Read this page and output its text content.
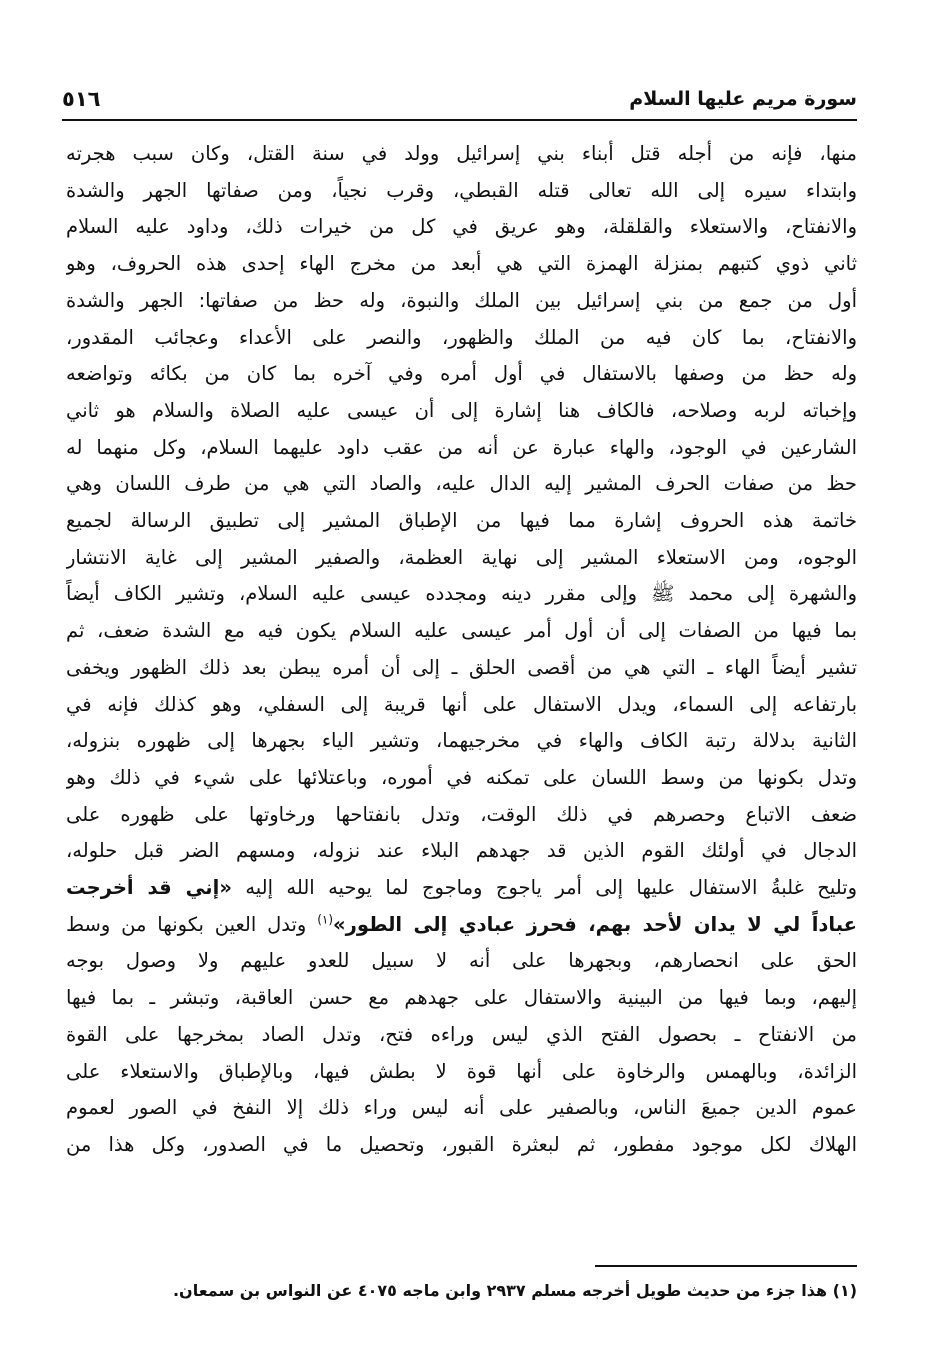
سورة مريم عليها السلام
٥١٦
منها، فإنه من أجله قتل أبناء بني إسرائيل وولد في سنة القتل، وكان سبب هجرته
وابتداء سيره إلى الله تعالى قتله القبطي، وقرب نجياً، ومن صفاتها الجهر والشدة
والانفتاح، والاستعلاء والقلقلة، وهو عريق في كل من خيرات ذلك، وداود عليه السلام
ثاني ذوي كتبهم بمنزلة الهمزة التي هي أبعد من مخرج الهاء إحدى هذه الحروف، وهو
أول من جمع من بني إسرائيل بين الملك والنبوة، وله حظ من صفاتها: الجهر والشدة
والانفتاح، بما كان فيه من الملك والظهور، والنصر على الأعداء وعجائب المقدور،
وله حظ من وصفها بالاستفال في أول أمره وفي آخره بما كان من بكائه وتواضعه
وإخباته لربه وصلاحه، فالكاف هنا إشارة إلى أن عيسى عليه الصلاة والسلام هو ثاني
الشارعين في الوجود، والهاء عبارة عن أنه من عقب داود عليهما السلام، وكل منهما له
حظ من صفات الحرف المشير إليه الدال عليه، والصاد التي هي من طرف اللسان وهي
خاتمة هذه الحروف إشارة مما فيها من الإطباق المشير إلى تطبيق الرسالة لجميع
الوجوه، ومن الاستعلاء المشير إلى نهاية العظمة، والصفير المشير إلى غاية الانتشار
والشهرة إلى محمد ﷺ وإلى مقرر دينه ومجدده عيسى عليه السلام، وتشير الكاف أيضاً
بما فيها من الصفات إلى أن أول أمر عيسى عليه السلام يكون فيه مع الشدة ضعف، ثم
تشير أيضاً الهاء ـ التي هي من أقصى الحلق ـ إلى أن أمره يبطن بعد ذلك الظهور ويخفى
بارتفاعه إلى السماء، ويدل الاستفال على أنها قريبة إلى السفلي، وهو كذلك فإنه في
الثانية بدلالة رتبة الكاف والهاء في مخرجيهما، وتشير الياء بجهرها إلى ظهوره بنزوله،
وتدل بكونها من وسط اللسان على تمكنه في أموره، وباعتلائها على شيء في ذلك وهو
ضعف الاتباع وحصرهم في ذلك الوقت، وتدل بانفتاحها ورخاوتها على ظهوره على
الدجال في أولئك القوم الذين قد جهدهم البلاء عند نزوله، ومسهم الضر قبل حلوله،
وتليح غلبةُ الاستفال عليها إلى أمر ياجوج وماجوج لما يوحيه الله إليه «إني قد أخرجت
عباداً لي لا يدان لأحد بهم، فحرز عبادي إلى الطور»$^{(١)}$ وتدل العين بكونها من وسط
الحق على انحصارهم، وبجهرها على أنه لا سبيل للعدو عليهم ولا وصول بوجه
إليهم، وبما فيها من البينية والاستفال على جهدهم مع حسن العاقبة، وتبشر ـ بما فيها
من الانفتاح ـ بحصول الفتح الذي ليس وراءه فتح، وتدل الصاد بمخرجها على القوة
الزائدة، وبالهمس والرخاوة على أنها قوة لا بطش فيها، وبالإطباق والاستعلاء على
عموم الدين جميعَ الناس، وبالصفير على أنه ليس وراء ذلك إلا النفخ في الصور لعموم
الهلاك لكل موجود مفطور، ثم لبعثرة القبور، وتحصيل ما في الصدور، وكل هذا من
(١) هذا جزء من حديث طويل أخرجه مسلم ٢٩٣٧ وابن ماجه ٤٠٧٥ عن النواس بن سمعان.
